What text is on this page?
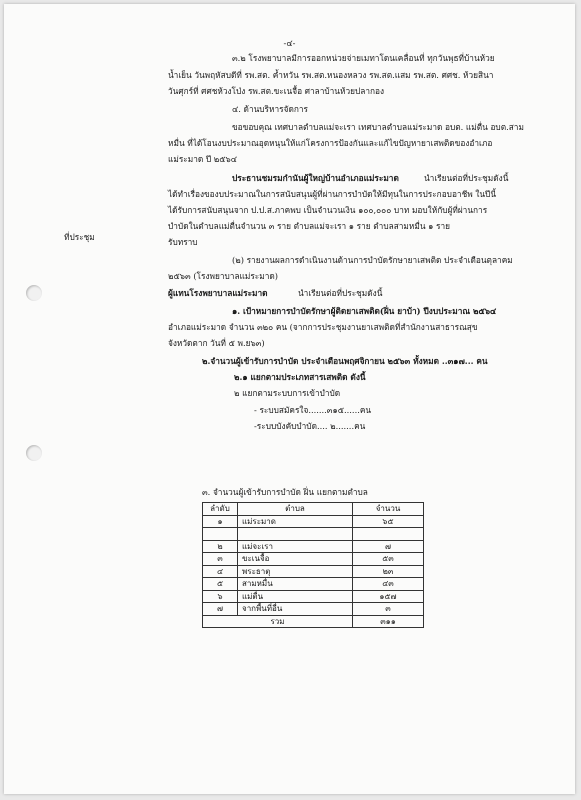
-๔-
๓.๒ โรงพยาบาลมีการออกหน่วยจ่ายเมทาโดนเคลื่อนที่ ทุกวันพุธที่บ้านห้วย
น้ำเย็น วันพฤหัสบดีที่ รพ.สต. ค้ำหวัน รพ.สต.หนองหลวง รพ.สต.แสม รพ.สต. ศศช. ห้วยสินา
วันศุกร์ที่ ศศชห้วงโป่ง รพ.สต.ขะเนจื้อ ศาลาบ้านห้วยปลากอง
๔. ด้านบริหารจัดการ
ขอขอบคุณ เทศบาลตำบลแม่จะเรา เทศบาลตำบลแม่ระมาด อบต. แม่ตื่น อบต.สาม
หมื่น ที่ได้โอนงบประมาณอุดหนุนให้แก่โครงการป้องกันและแก้ไขปัญหายาเสพติดของอำเภอ
แม่ระมาด ปี ๒๕๖๔
ประธานชมรมกำนันผู้ใหญ่บ้านอำเภอแม่ระมาด	นำเรียนต่อที่ประชุมดังนี้
ได้ทำเรื่องของบประมาณในการสนับสนุนผู้ที่ผ่านการบำบัดให้มีทุนในการประกอบอาชีพ ในปีนี้
ได้รับการสนับสนุนจาก ป.ป.ส.ภาคพบ เป็นจำนวนเงิน ๑๐๐,๐๐๐ บาท มอบให้กับผู้ที่ผ่านการ
บำบัดในตำบลแม่ตื่นจำนวน ๓ ราย ตำบลแม่จะเรา ๑ ราย ตำบลสามหมื่น ๑ ราย
ที่ประชุม	รับทราบ
(๒) รายงานผลการดำเนินงานด้านการบำบัดรักษายาเสพติด ประจำเดือนตุลาคม
๒๕๖๓ (โรงพยาบาลแม่ระมาด)
ผู้แทนโรงพยาบาลแม่ระมาด	นำเรียนต่อที่ประชุมดังนี้
๑. เป้าหมายการบำบัดรักษาผู้ติดยาเสพติด(ฝิ่น ยาบ้า) ปีงบประมาณ ๒๕๖๔
อำเภอแม่ระมาด จำนวน ๓๒๐ คน (จากการประชุมงานยาเสพติดที่สำนักงานสาธารณสุข
จังหวัดตาก วันที่ ๕ พ.ย๖๓)
๒.จำนวนผู้เข้ารับการบำบัด ประจำเดือนพฤศจิกายน ๒๕๖๓ ทั้งหมด ..๓๑๗... คน
๒.๑ แยกตามประเภทสารเสพติด ดังนี้
๒ แยกตามระบบการเข้าบำบัด
- ระบบสมัครใจ.......๓๑๕......คน
-ระบบบังคับบำบัด.... ๒.......คน
๓. จำนวนผู้เข้ารับการบำบัด ฝิ่น แยกตามตำบล
ลำดับ	ตำบล	จำนวน
๑	แม่ระมาด	๖๕

๒	แม่จะเรา	๗
๓	ขะเนจื้อ	๕๓
๔	พระธาตุ	๒๓
๕	สามหมื่น	๔๓
๖	แม่ตื่น	๑๕๗
๗	จากพื้นที่อื่น	๓
รวม		๓๑๑
